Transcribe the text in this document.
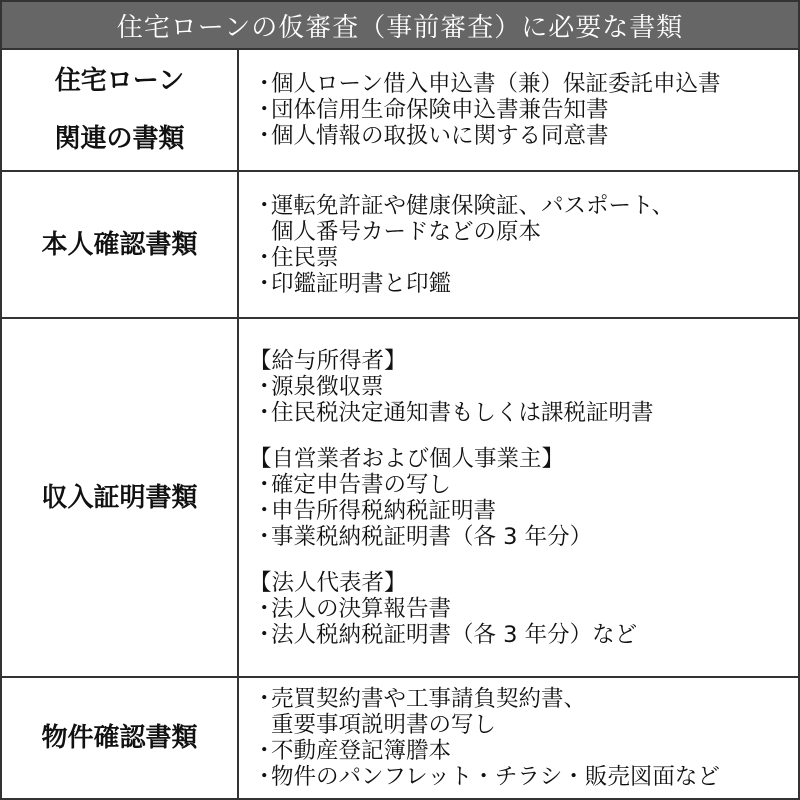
住宅ローンの仮審査（事前審査）に必要な書類
住宅ローン
関連の書類
・
個人ローン借入申込書（兼）保証委託申込書
・
団体信用生命保険申込書兼告知書
・
個人情報の取扱いに関する同意書
本人確認書類
・
運転免許証や健康保険証、パスポート、
個人番号カードなどの原本
・
住民票
・
印鑑証明書と印鑑
収入証明書類
【給与所得者】
・
源泉徴収票
・
住民税決定通知書もしくは課税証明書
【自営業者および個人事業主】
・
確定申告書の写し
・
申告所得税納税証明書
・
事業税納税証明書（各 3 年分）
【法人代表者】
・
法人の決算報告書
・
法人税納税証明書（各 3 年分）など
物件確認書類
・
売買契約書や工事請負契約書、
重要事項説明書の写し
・
不動産登記簿謄本
・
物件のパンフレット・チラシ・販売図面など
